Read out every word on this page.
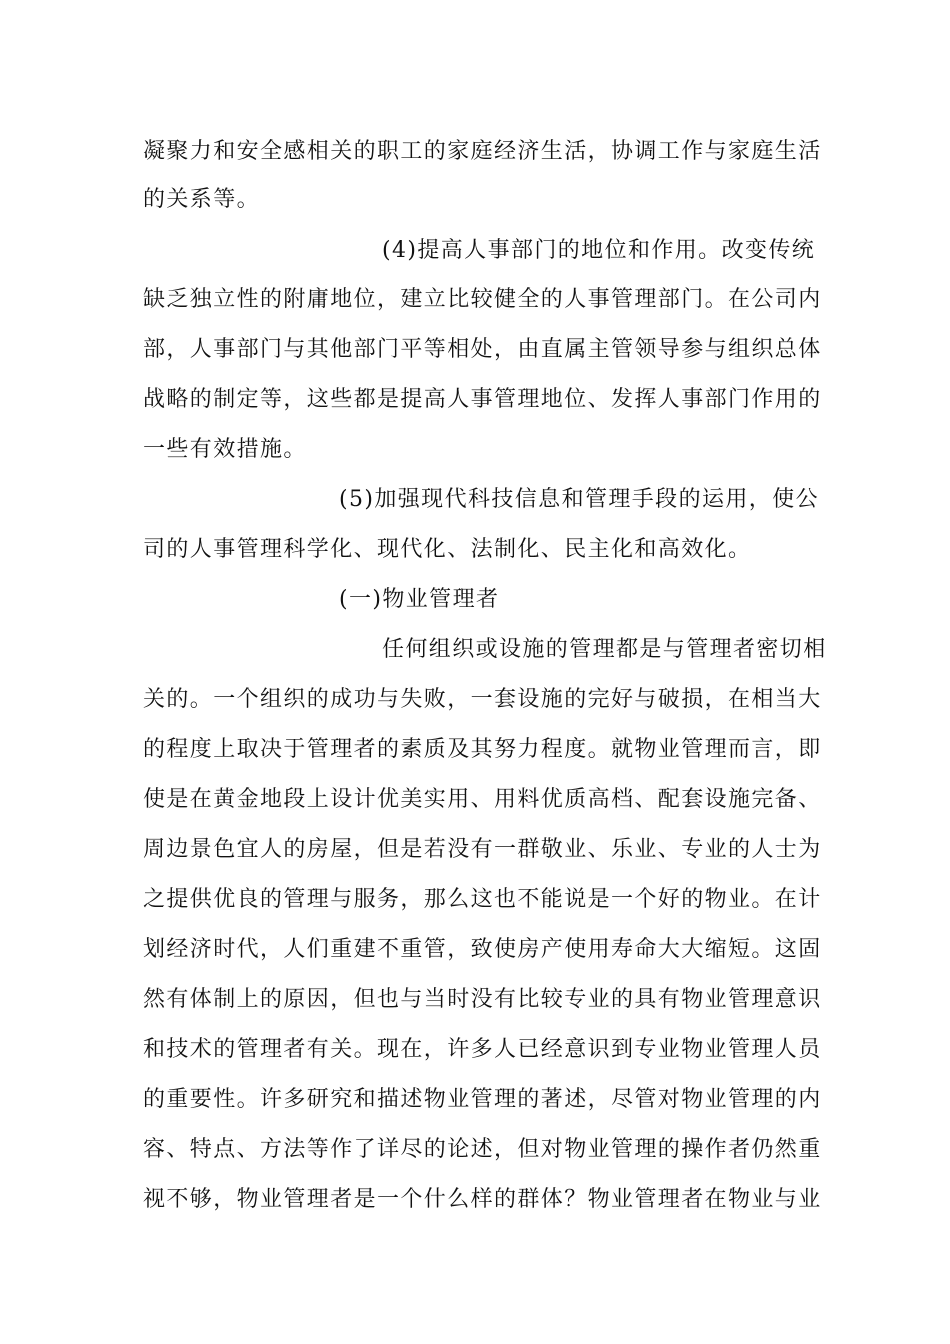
凝聚力和安全感相关的职工的家庭经济生活，协调工作与家庭生活
的关系等。
(4)提高人事部门的地位和作用。改变传统
缺乏独立性的附庸地位，建立比较健全的人事管理部门。在公司内
部，人事部门与其他部门平等相处，由直属主管领导参与组织总体
战略的制定等，这些都是提高人事管理地位、发挥人事部门作用的
一些有效措施。
(5)加强现代科技信息和管理手段的运用，使公
司的人事管理科学化、现代化、法制化、民主化和高效化。
(一)物业管理者
任何组织或设施的管理都是与管理者密切相
关的。一个组织的成功与失败，一套设施的完好与破损，在相当大
的程度上取决于管理者的素质及其努力程度。就物业管理而言，即
使是在黄金地段上设计优美实用、用料优质高档、配套设施完备、
周边景色宜人的房屋，但是若没有一群敬业、乐业、专业的人士为
之提供优良的管理与服务，那么这也不能说是一个好的物业。在计
划经济时代，人们重建不重管，致使房产使用寿命大大缩短。这固
然有体制上的原因，但也与当时没有比较专业的具有物业管理意识
和技术的管理者有关。现在，许多人已经意识到专业物业管理人员
的重要性。许多研究和描述物业管理的著述，尽管对物业管理的内
容、特点、方法等作了详尽的论述，但对物业管理的操作者仍然重
视不够，物业管理者是一个什么样的群体？物业管理者在物业与业
